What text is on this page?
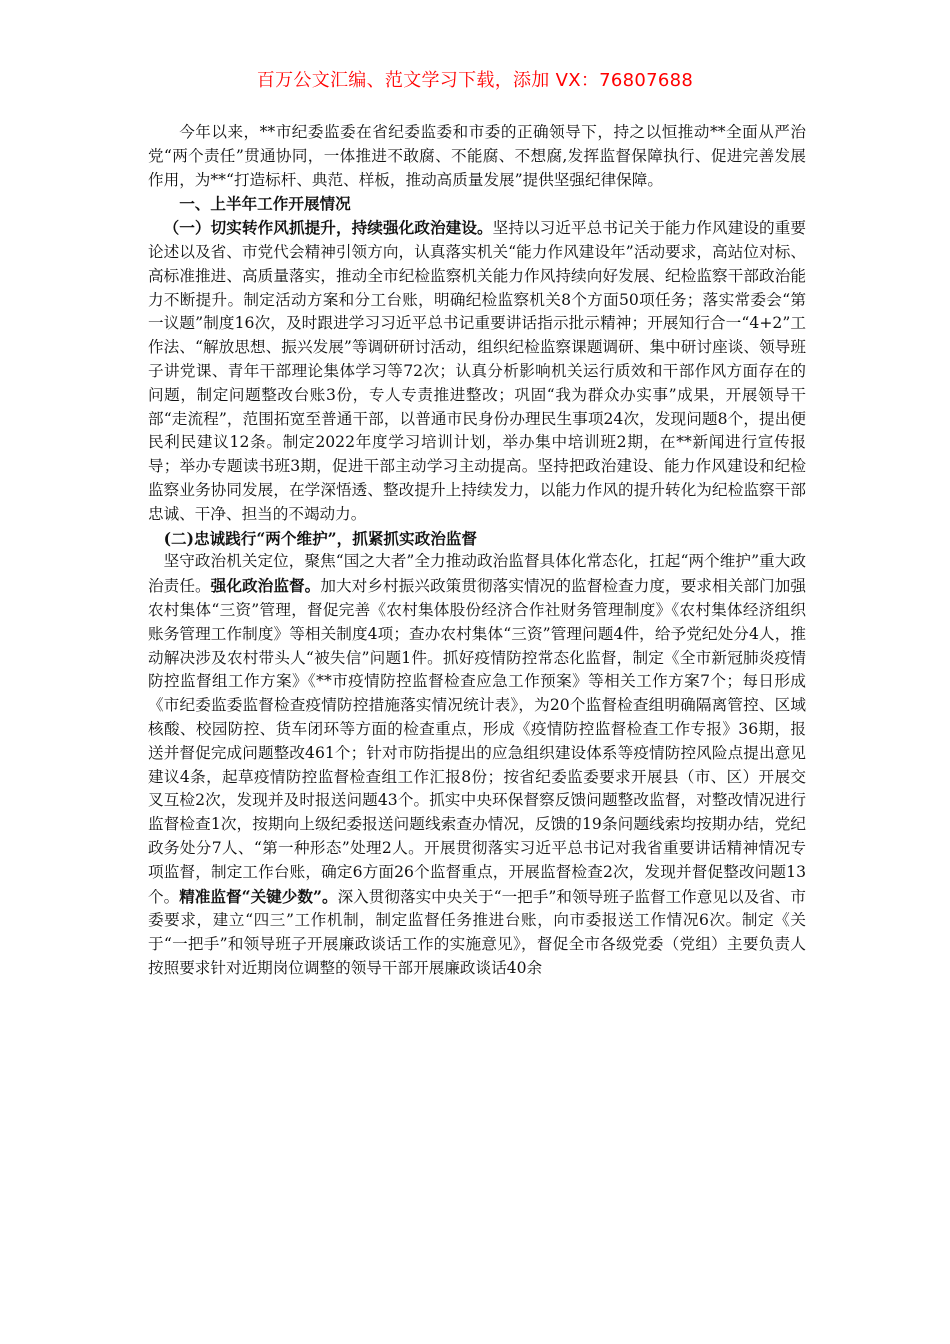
百万公文汇编、范文学习下载，添加 VX：76807688

今年以来，**市纪委监委在省纪委监委和市委的正确领导下，持之以恒推动**全面从严治党“两个责任”贯通协同，一体推进不敢腐、不能腐、不想腐,发挥监督保障执行、促进完善发展作用，为**“打造标杆、典范、样板，推动高质量发展”提供坚强纪律保障。

一、上半年工作开展情况

（一）切实转作风抓提升，持续强化政治建设。坚持以习近平总书记关于能力作风建设的重要论述以及省、市党代会精神引领方向，认真落实机关“能力作风建设年”活动要求，高站位对标、高标准推进、高质量落实，推动全市纪检监察机关能力作风持续向好发展、纪检监察干部政治能力不断提升。制定活动方案和分工台账，明确纪检监察机关8个方面50项任务；落实常委会“第一议题”制度16次，及时跟进学习习近平总书记重要讲话指示批示精神；开展知行合一“4+2”工作法、“解放思想、振兴发展”等调研研讨活动，组织纪检监察课题调研、集中研讨座谈、领导班子讲党课、青年干部理论集体学习等72次；认真分析影响机关运行质效和干部作风方面存在的问题，制定问题整改台账3份，专人专责推进整改；巩固“我为群众办实事”成果，开展领导干部“走流程”，范围拓宽至普通干部，以普通市民身份办理民生事项24次，发现问题8个，提出便民利民建议12条。制定2022年度学习培训计划，举办集中培训班2期，在**新闻进行宣传报导；举办专题读书班3期，促进干部主动学习主动提高。坚持把政治建设、能力作风建设和纪检监察业务协同发展，在学深悟透、整改提升上持续发力，以能力作风的提升转化为纪检监察干部忠诚、干净、担当的不竭动力。

(二)忠诚践行“两个维护”，抓紧抓实政治监督

坚守政治机关定位，聚焦“国之大者”全力推动政治监督具体化常态化，扛起“两个维护”重大政治责任。强化政治监督。加大对乡村振兴政策贯彻落实情况的监督检查力度，要求相关部门加强农村集体“三资”管理，督促完善《农村集体股份经济合作社财务管理制度》《农村集体经济组织账务管理工作制度》等相关制度4项；查办农村集体“三资”管理问题4件，给予党纪处分4人，推动解决涉及农村带头人“被失信”问题1件。抓好疫情防控常态化监督，制定《全市新冠肺炎疫情防控监督组工作方案》《**市疫情防控监督检查应急工作预案》等相关工作方案7个；每日形成《市纪委监委监督检查疫情防控措施落实情况统计表》，为20个监督检查组明确隔离管控、区域核酸、校园防控、货车闭环等方面的检查重点，形成《疫情防控监督检查工作专报》36期，报送并督促完成问题整改461个；针对市防指提出的应急组织建设体系等疫情防控风险点提出意见建议4条，起草疫情防控监督检查组工作汇报8份；按省纪委监委要求开展县（市、区）开展交叉互检2次，发现并及时报送问题43个。抓实中央环保督察反馈问题整改监督，对整改情况进行监督检查1次，按期向上级纪委报送问题线索查办情况，反馈的19条问题线索均按期办结，党纪政务处分7人、“第一种形态”处理2人。开展贯彻落实习近平总书记对我省重要讲话精神情况专项监督，制定工作台账，确定6方面26个监督重点，开展监督检查2次，发现并督促整改问题13个。精准监督“关键少数”。深入贯彻落实中央关于“一把手”和领导班子监督工作意见以及省、市委要求，建立“四三”工作机制，制定监督任务推进台账，向市委报送工作情况6次。制定《关于“一把手”和领导班子开展廉政谈话工作的实施意见》，督促全市各级党委（党组）主要负责人按照要求针对近期岗位调整的领导干部开展廉政谈话40余
